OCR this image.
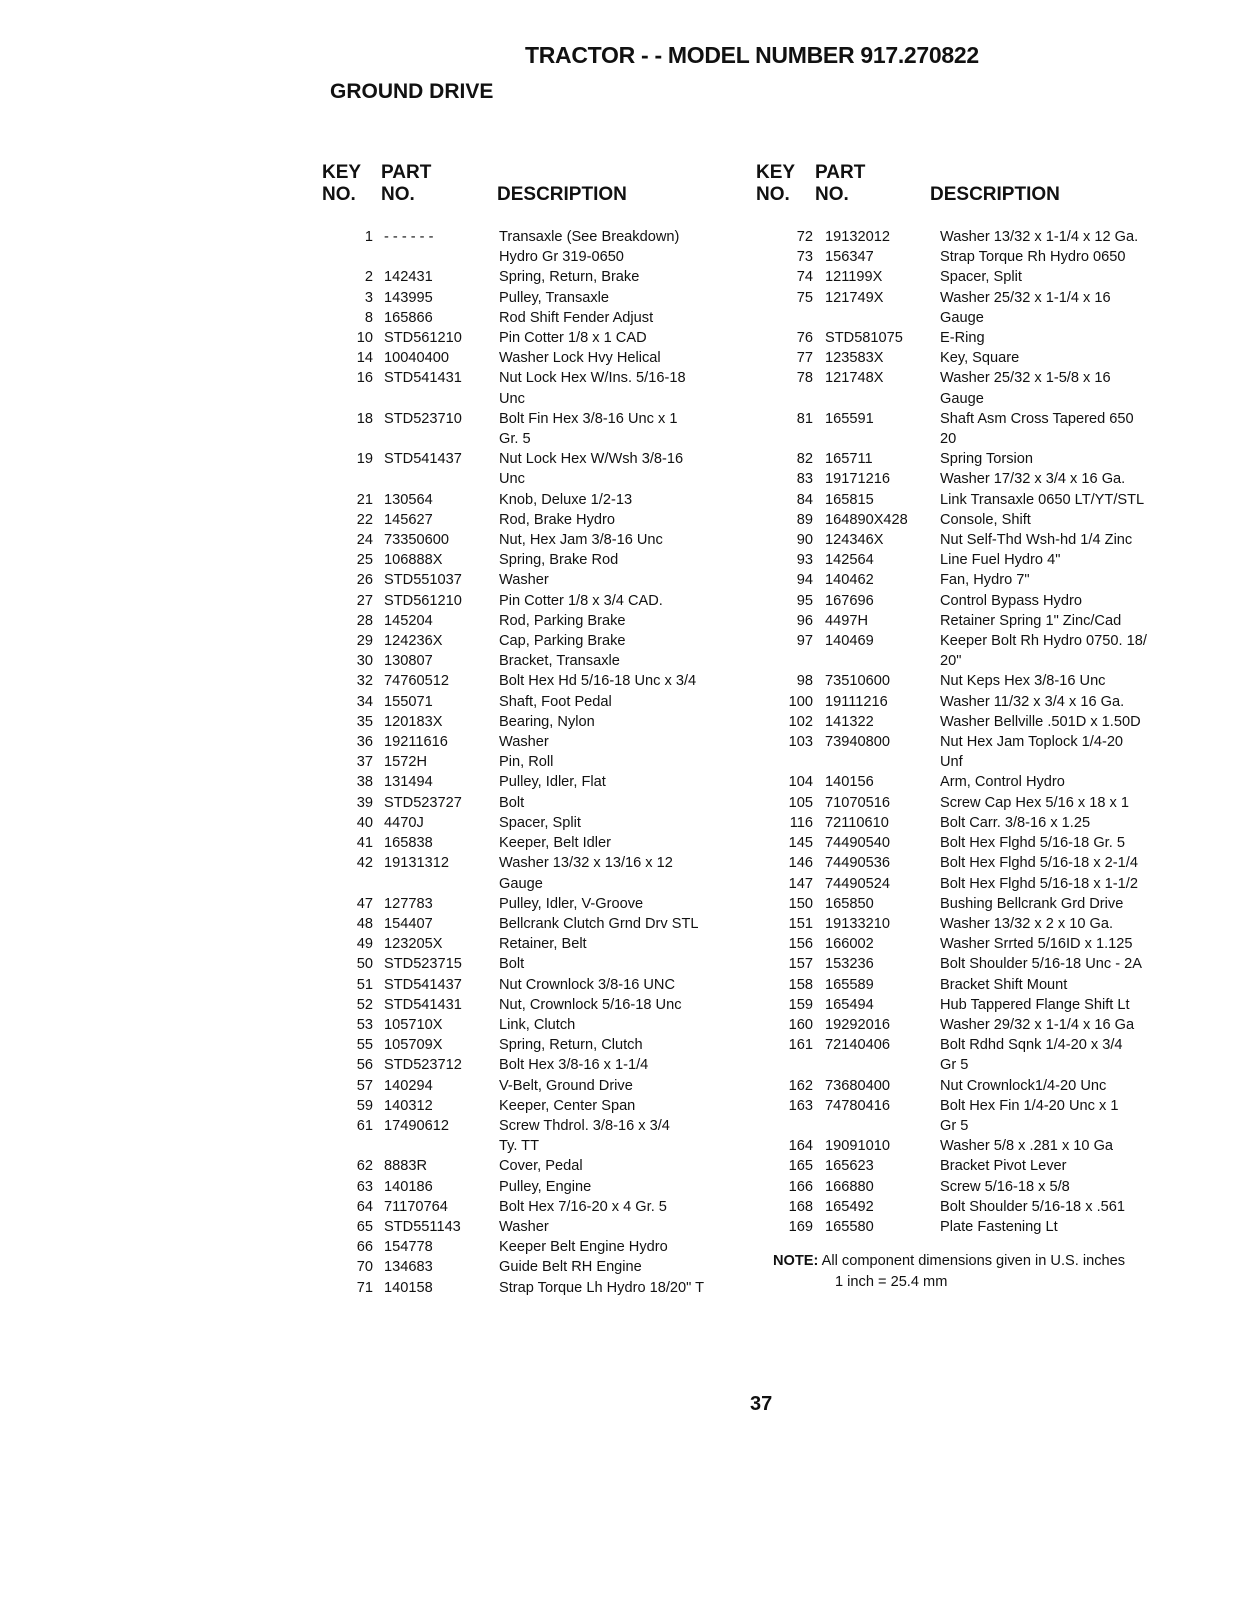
TRACTOR - - MODEL NUMBER 917.270822
GROUND DRIVE
KEY
NO.
PART
NO.	DESCRIPTION
KEY
NO.
PART
NO.	DESCRIPTION
1 - - - - - -	Transaxle (See Breakdown)
Hydro Gr 319-0650
2 142431	Spring, Return, Brake
3 143995	Pulley, Transaxle
8 165866	Rod Shift Fender Adjust
10 STD561210	Pin Cotter 1/8 x 1 CAD
14 10040400	Washer Lock Hvy Helical
16 STD541431	Nut Lock Hex W/Ins. 5/16-18
Unc
18 STD523710	Bolt Fin Hex 3/8-16 Unc x 1
Gr. 5
19 STD541437	Nut Lock Hex W/Wsh 3/8-16
Unc
21 130564	Knob, Deluxe 1/2-13
22 145627	Rod, Brake Hydro
24 73350600	Nut, Hex Jam 3/8-16 Unc
25 106888X	Spring, Brake Rod
26 STD551037	Washer
27 STD561210	Pin Cotter 1/8 x 3/4 CAD.
28 145204	Rod, Parking Brake
29 124236X	Cap, Parking Brake
30 130807	Bracket, Transaxle
32 74760512	Bolt Hex Hd 5/16-18 Unc x 3/4
34 155071	Shaft, Foot Pedal
35 120183X	Bearing, Nylon
36 19211616	Washer
37 1572H	Pin, Roll
38 131494	Pulley, Idler, Flat
39 STD523727	Bolt
40 4470J	Spacer, Split
41 165838	Keeper, Belt Idler
42 19131312	Washer 13/32 x 13/16 x 12
Gauge
47 127783	Pulley, Idler, V-Groove
48 154407	Bellcrank Clutch Grnd Drv STL
49 123205X	Retainer, Belt
50 STD523715	Bolt
51 STD541437	Nut Crownlock 3/8-16 UNC
52 STD541431	Nut, Crownlock 5/16-18 Unc
53 105710X	Link, Clutch
55 105709X	Spring, Return, Clutch
56 STD523712	Bolt Hex 3/8-16 x 1-1/4
57 140294	V-Belt, Ground Drive
59 140312	Keeper, Center Span
61 17490612	Screw Thdrol. 3/8-16 x 3/4
Ty. TT
62 8883R	Cover, Pedal
63 140186	Pulley, Engine
64 71170764	Bolt Hex 7/16-20 x 4 Gr. 5
65 STD551143	Washer
66 154778	Keeper Belt Engine Hydro
70 134683	Guide Belt RH Engine
71 140158	Strap Torque Lh Hydro 18/20" T
72 19132012	Washer 13/32 x 1-1/4 x 12 Ga.
73 156347	Strap Torque Rh Hydro 0650
74 121199X	Spacer, Split
75 121749X	Washer 25/32 x 1-1/4 x 16
Gauge
76 STD581075	E-Ring
77 123583X	Key, Square
78 121748X	Washer 25/32 x 1-5/8 x 16
Gauge
81 165591	Shaft Asm Cross Tapered 650
20
82 165711	Spring Torsion
83 19171216	Washer 17/32 x 3/4 x 16 Ga.
84 165815	Link Transaxle 0650 LT/YT/STL
89 164890X428	Console, Shift
90 124346X	Nut Self-Thd Wsh-hd 1/4 Zinc
93 142564	Line Fuel Hydro 4"
94 140462	Fan, Hydro 7"
95 167696	Control Bypass Hydro
96 4497H	Retainer Spring 1" Zinc/Cad
97 140469	Keeper Bolt Rh Hydro 0750. 18/
20"
98 73510600	Nut Keps Hex 3/8-16 Unc
100 19111216	Washer 11/32 x 3/4 x 16 Ga.
102 141322	Washer Bellville .501D x 1.50D
103 73940800	Nut Hex Jam Toplock 1/4-20
Unf
104 140156	Arm, Control Hydro
105 71070516	Screw Cap Hex 5/16 x 18 x 1
116 72110610	Bolt Carr. 3/8-16 x 1.25
145 74490540	Bolt Hex Flghd 5/16-18 Gr. 5
146 74490536	Bolt Hex Flghd 5/16-18 x 2-1/4
147 74490524	Bolt Hex Flghd 5/16-18 x 1-1/2
150 165850	Bushing Bellcrank Grd Drive
151 19133210	Washer 13/32 x 2 x 10 Ga.
156 166002	Washer Srrted 5/16ID x 1.125
157 153236	Bolt Shoulder 5/16-18 Unc - 2A
158 165589	Bracket Shift Mount
159 165494	Hub Tappered Flange Shift Lt
160 19292016	Washer 29/32 x 1-1/4 x 16 Ga
161 72140406	Bolt Rdhd Sqnk 1/4-20 x 3/4
Gr 5
162 73680400	Nut Crownlock1/4-20 Unc
163 74780416	Bolt Hex Fin 1/4-20 Unc x 1
Gr 5
164 19091010	Washer 5/8 x .281 x 10 Ga
165 165623	Bracket Pivot Lever
166 166880	Screw 5/16-18 x 5/8
168 165492	Bolt Shoulder 5/16-18 x .561
169 165580	Plate Fastening Lt
NOTE: All component dimensions given in U.S. inches
1 inch = 25.4 mm
37
